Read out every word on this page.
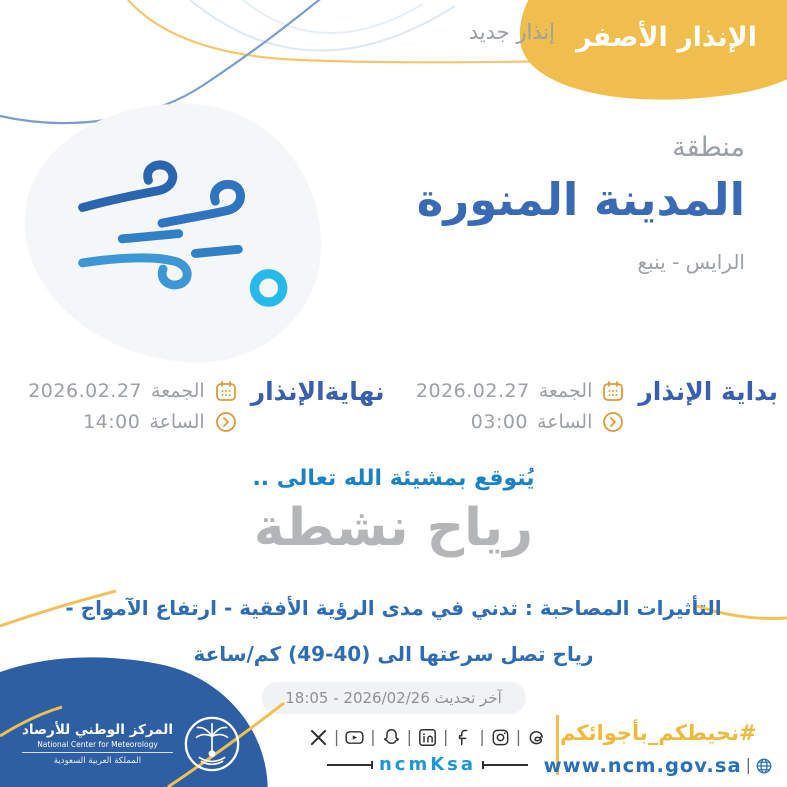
الإنذار الأصفر
إنذار جديد
منطقة
المدينة المنورة
الرايس - ينبع
بداية الإنذار
الجمعة
2026.02.27
الساعة
03:00
نهايةالإنذار
الجمعة
2026.02.27
الساعة
14:00
يُتوقع بمشيئة الله تعالى ..
رياح نشطة
التأثيرات المصاحبة : تدني في مدى الرؤية الأفقية - ارتفاع الآمواج -
رياح تصل سرعتها الى (40-49) كم/ساعة
آخر تحديث 2026/02/26 - 18:05
المركز الوطني للأرصاد
National Center for Meteorology
المملكة العربية السعودية
| | | | | |
ncmKsa
#نحيطكم_بأجوائكم
www.ncm.gov.sa |
